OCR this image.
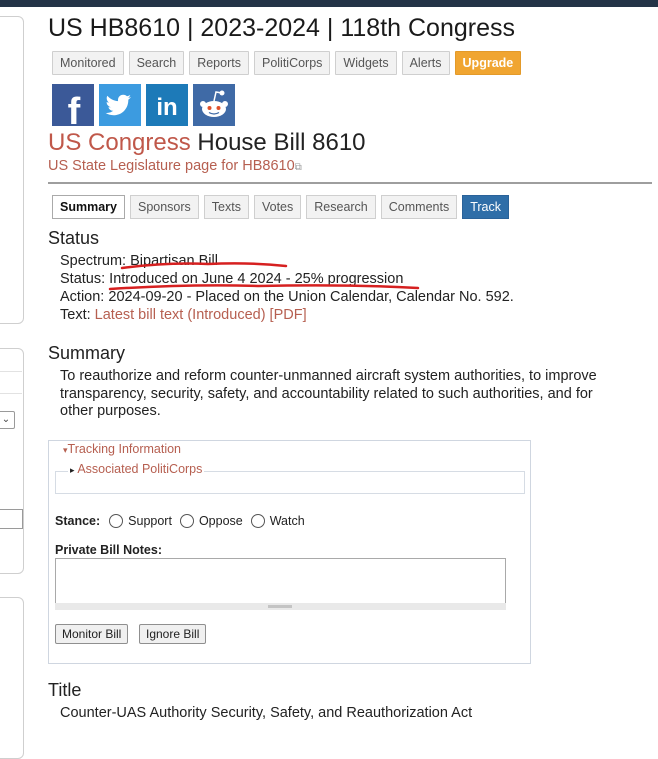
⌄
US HB8610 | 2023-2024 | 118th Congress
Monitored	Search	Reports	PolitiCorps	Widgets	Alerts	Upgrade
f	in
US Congress House Bill 8610
US State Legislature page for HB8610⧉
Summary	Sponsors	Texts	Votes	Research	Comments	Track
Status
Spectrum: Bipartisan Bill
Status: Introduced on June 4 2024 - 25% progression
Action: 2024-09-20 - Placed on the Union Calendar, Calendar No. 592.
Text: Latest bill text (Introduced) [PDF]
Summary
To reauthorize and reform counter-unmanned aircraft system authorities, to improve transparency, security, safety, and accountability related to such authorities, and for other purposes.
▾Tracking Information
▸ Associated PolitiCorps
Stance: Support Oppose Watch
Private Bill Notes:
Monitor Bill	Ignore Bill
Title
Counter-UAS Authority Security, Safety, and Reauthorization Act
